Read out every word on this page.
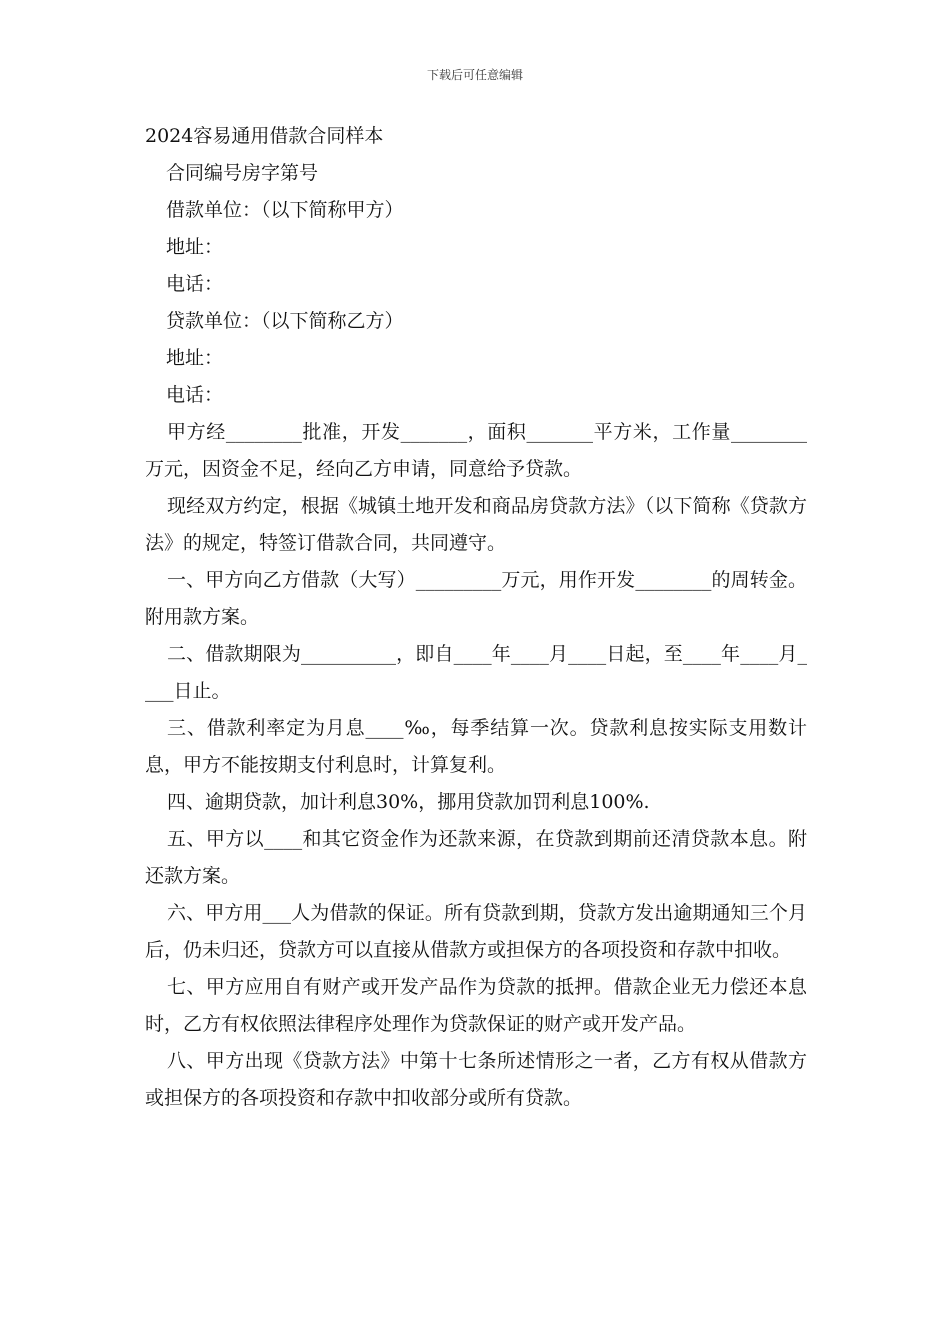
下载后可任意编辑
2024容易通用借款合同样本

合同编号房字第号

借款单位：（以下简称甲方）

地址：

电话：

贷款单位：（以下简称乙方）

地址：

电话：

甲方经________批准，开发_______，面积_______平方米，工作量________万元，因资金不足，经向乙方申请，同意给予贷款。

现经双方约定，根据《城镇土地开发和商品房贷款方法》（以下简称《贷款方法》的规定，特签订借款合同，共同遵守。

一、甲方向乙方借款（大写）_________万元，用作开发________的周转金。附用款方案。

二、借款期限为__________，即自____年____月____日起，至____年____月____日止。

三、借款利率定为月息____‰，每季结算一次。贷款利息按实际支用数计息，甲方不能按期支付利息时，计算复利。

四、逾期贷款，加计利息30%，挪用贷款加罚利息100%.

五、甲方以____和其它资金作为还款来源，在贷款到期前还清贷款本息。附还款方案。

六、甲方用___人为借款的保证。所有贷款到期，贷款方发出逾期通知三个月后，仍未归还，贷款方可以直接从借款方或担保方的各项投资和存款中扣收。

七、甲方应用自有财产或开发产品作为贷款的抵押。借款企业无力偿还本息时，乙方有权依照法律程序处理作为贷款保证的财产或开发产品。

八、甲方出现《贷款方法》中第十七条所述情形之一者，乙方有权从借款方或担保方的各项投资和存款中扣收部分或所有贷款。
